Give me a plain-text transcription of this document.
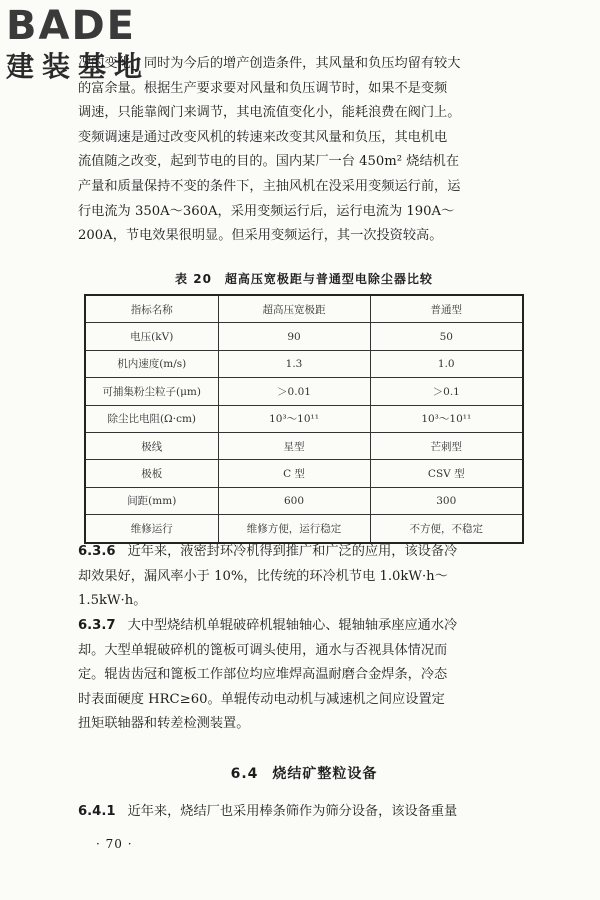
BADE
建装基地

况的变化，同时为今后的增产创造条件，其风量和负压均留有较大

的富余量。根据生产要求要对风量和负压调节时，如果不是变频

调速，只能靠阀门来调节，其电流值变化小，能耗浪费在阀门上。

变频调速是通过改变风机的转速来改变其风量和负压，其电机电

流值随之改变，起到节电的目的。国内某厂一台 450m² 烧结机在

产量和质量保持不变的条件下，主抽风机在没采用变频运行前，运

行电流为 350A～360A，采用变频运行后，运行电流为 190A～

200A，节电效果很明显。但采用变频运行，其一次投资较高。

表 20　超高压宽极距与普通型电除尘器比较
指标名称	超高压宽极距	普通型
电压(kV)	90	50
机内速度(m/s)	1.3	1.0
可捕集粉尘粒子(μm)	＞0.01	＞0.1
除尘比电阻(Ω·cm)	10³～10¹¹	10³～10¹¹
极线	星型	芒刺型
极板	C 型	CSV 型
间距(mm)	600	300
维修运行	维修方便，运行稳定	不方便，不稳定
6.3.6 近年来，液密封环冷机得到推广和广泛的应用，该设备冷
却效果好，漏风率小于 10%，比传统的环冷机节电 1.0kW·h～
1.5kW·h。
6.3.7 大中型烧结机单辊破碎机辊轴轴心、辊轴轴承座应通水冷
却。大型单辊破碎机的篦板可调头使用，通水与否视具体情况而
定。辊齿齿冠和篦板工作部位均应堆焊高温耐磨合金焊条，冷态
时表面硬度 HRC≥60。单辊传动电动机与减速机之间应设置定
扭矩联轴器和转差检测装置。
6.4 烧结矿整粒设备
6.4.1 近年来，烧结厂也采用棒条筛作为筛分设备，该设备重量
· 70 ·
